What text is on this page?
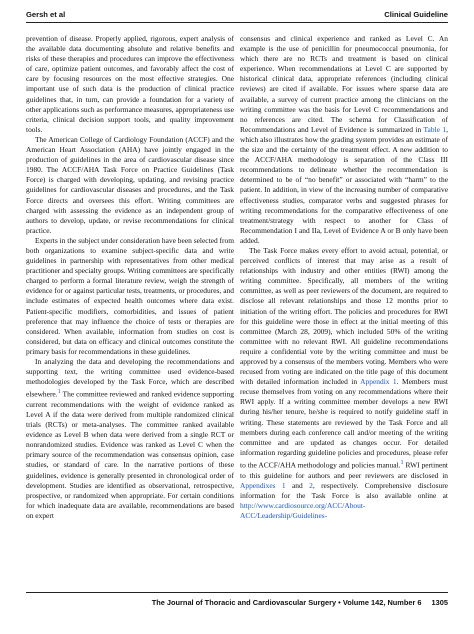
Gersh et al	Clinical Guideline

prevention of disease. Properly applied, rigorous, expert analysis of the available data documenting absolute and relative benefits and risks of these therapies and procedures can improve the effectiveness of care, optimize patient outcomes, and favorably affect the cost of care by focusing resources on the most effective strategies. One important use of such data is the production of clinical practice guidelines that, in turn, can provide a foundation for a variety of other applications such as performance measures, appropriateness use criteria, clinical decision support tools, and quality improvement tools.

The American College of Cardiology Foundation (ACCF) and the American Heart Association (AHA) have jointly engaged in the production of guidelines in the area of cardiovascular disease since 1980. The ACCF/AHA Task Force on Practice Guidelines (Task Force) is charged with developing, updating, and revising practice guidelines for cardiovascular diseases and procedures, and the Task Force directs and oversees this effort. Writing committees are charged with assessing the evidence as an independent group of authors to develop, update, or revise recommendations for clinical practice.

Experts in the subject under consideration have been selected from both organizations to examine subject-specific data and write guidelines in partnership with representatives from other medical practitioner and specialty groups. Writing committees are specifically charged to perform a formal literature review, weigh the strength of evidence for or against particular tests, treatments, or procedures, and include estimates of expected health outcomes where data exist. Patient-specific modifiers, comorbidities, and issues of patient preference that may influence the choice of tests or therapies are considered. When available, information from studies on cost is considered, but data on efficacy and clinical outcomes constitute the primary basis for recommendations in these guidelines.

In analyzing the data and developing the recommendations and supporting text, the writing committee used evidence-based methodologies developed by the Task Force, which are described elsewhere.$^1$ The committee reviewed and ranked evidence supporting current recommendations with the weight of evidence ranked as Level A if the data were derived from multiple randomized clinical trials (RCTs) or meta-analyses. The committee ranked available evidence as Level B when data were derived from a single RCT or nonrandomized studies. Evidence was ranked as Level C when the primary source of the recommendation was consensus opinion, case studies, or standard of care. In the narrative portions of these guidelines, evidence is generally presented in chronological order of development. Studies are identified as observational, retrospective, prospective, or randomized when appropriate. For certain conditions for which inadequate data are available, recommendations are based on expert

consensus and clinical experience and ranked as Level C. An example is the use of penicillin for pneumococcal pneumonia, for which there are no RCTs and treatment is based on clinical experience. When recommendations at Level C are supported by historical clinical data, appropriate references (including clinical reviews) are cited if available. For issues where sparse data are available, a survey of current practice among the clinicians on the writing committee was the basis for Level C recommendations and no references are cited. The schema for Classification of Recommendations and Level of Evidence is summarized in Table 1, which also illustrates how the grading system provides an estimate of the size and the certainty of the treatment effect. A new addition to the ACCF/AHA methodology is separation of the Class III recommendations to delineate whether the recommendation is determined to be of “no benefit” or associated with “harm” to the patient. In addition, in view of the increasing number of comparative effectiveness studies, comparator verbs and suggested phrases for writing recommendations for the comparative effectiveness of one treatment/strategy with respect to another for Class of Recommendation I and IIa, Level of Evidence A or B only have been added.

The Task Force makes every effort to avoid actual, potential, or perceived conflicts of interest that may arise as a result of relationships with industry and other entities (RWI) among the writing committee. Specifically, all members of the writing committee, as well as peer reviewers of the document, are required to disclose all relevant relationships and those 12 months prior to initiation of the writing effort. The policies and procedures for RWI for this guideline were those in effect at the initial meeting of this committee (March 28, 2009), which included 50% of the writing committee with no relevant RWI. All guideline recommendations require a confidential vote by the writing committee and must be approved by a consensus of the members voting. Members who were recused from voting are indicated on the title page of this document with detailed information included in Appendix 1. Members must recuse themselves from voting on any recommendations where their RWI apply. If a writing committee member develops a new RWI during his/her tenure, he/she is required to notify guideline staff in writing. These statements are reviewed by the Task Force and all members during each conference call and/or meeting of the writing committee and are updated as changes occur. For detailed information regarding guideline policies and procedures, please refer to the ACCF/AHA methodology and policies manual.$^1$ RWI pertinent to this guideline for authors and peer reviewers are disclosed in Appendixes 1 and 2, respectively. Comprehensive disclosure information for the Task Force is also available online at http://www.cardiosource.org/ACC/About-ACC/Leadership/Guidelines-

The Journal of Thoracic and Cardiovascular Surgery • Volume 142, Number 6 1305
